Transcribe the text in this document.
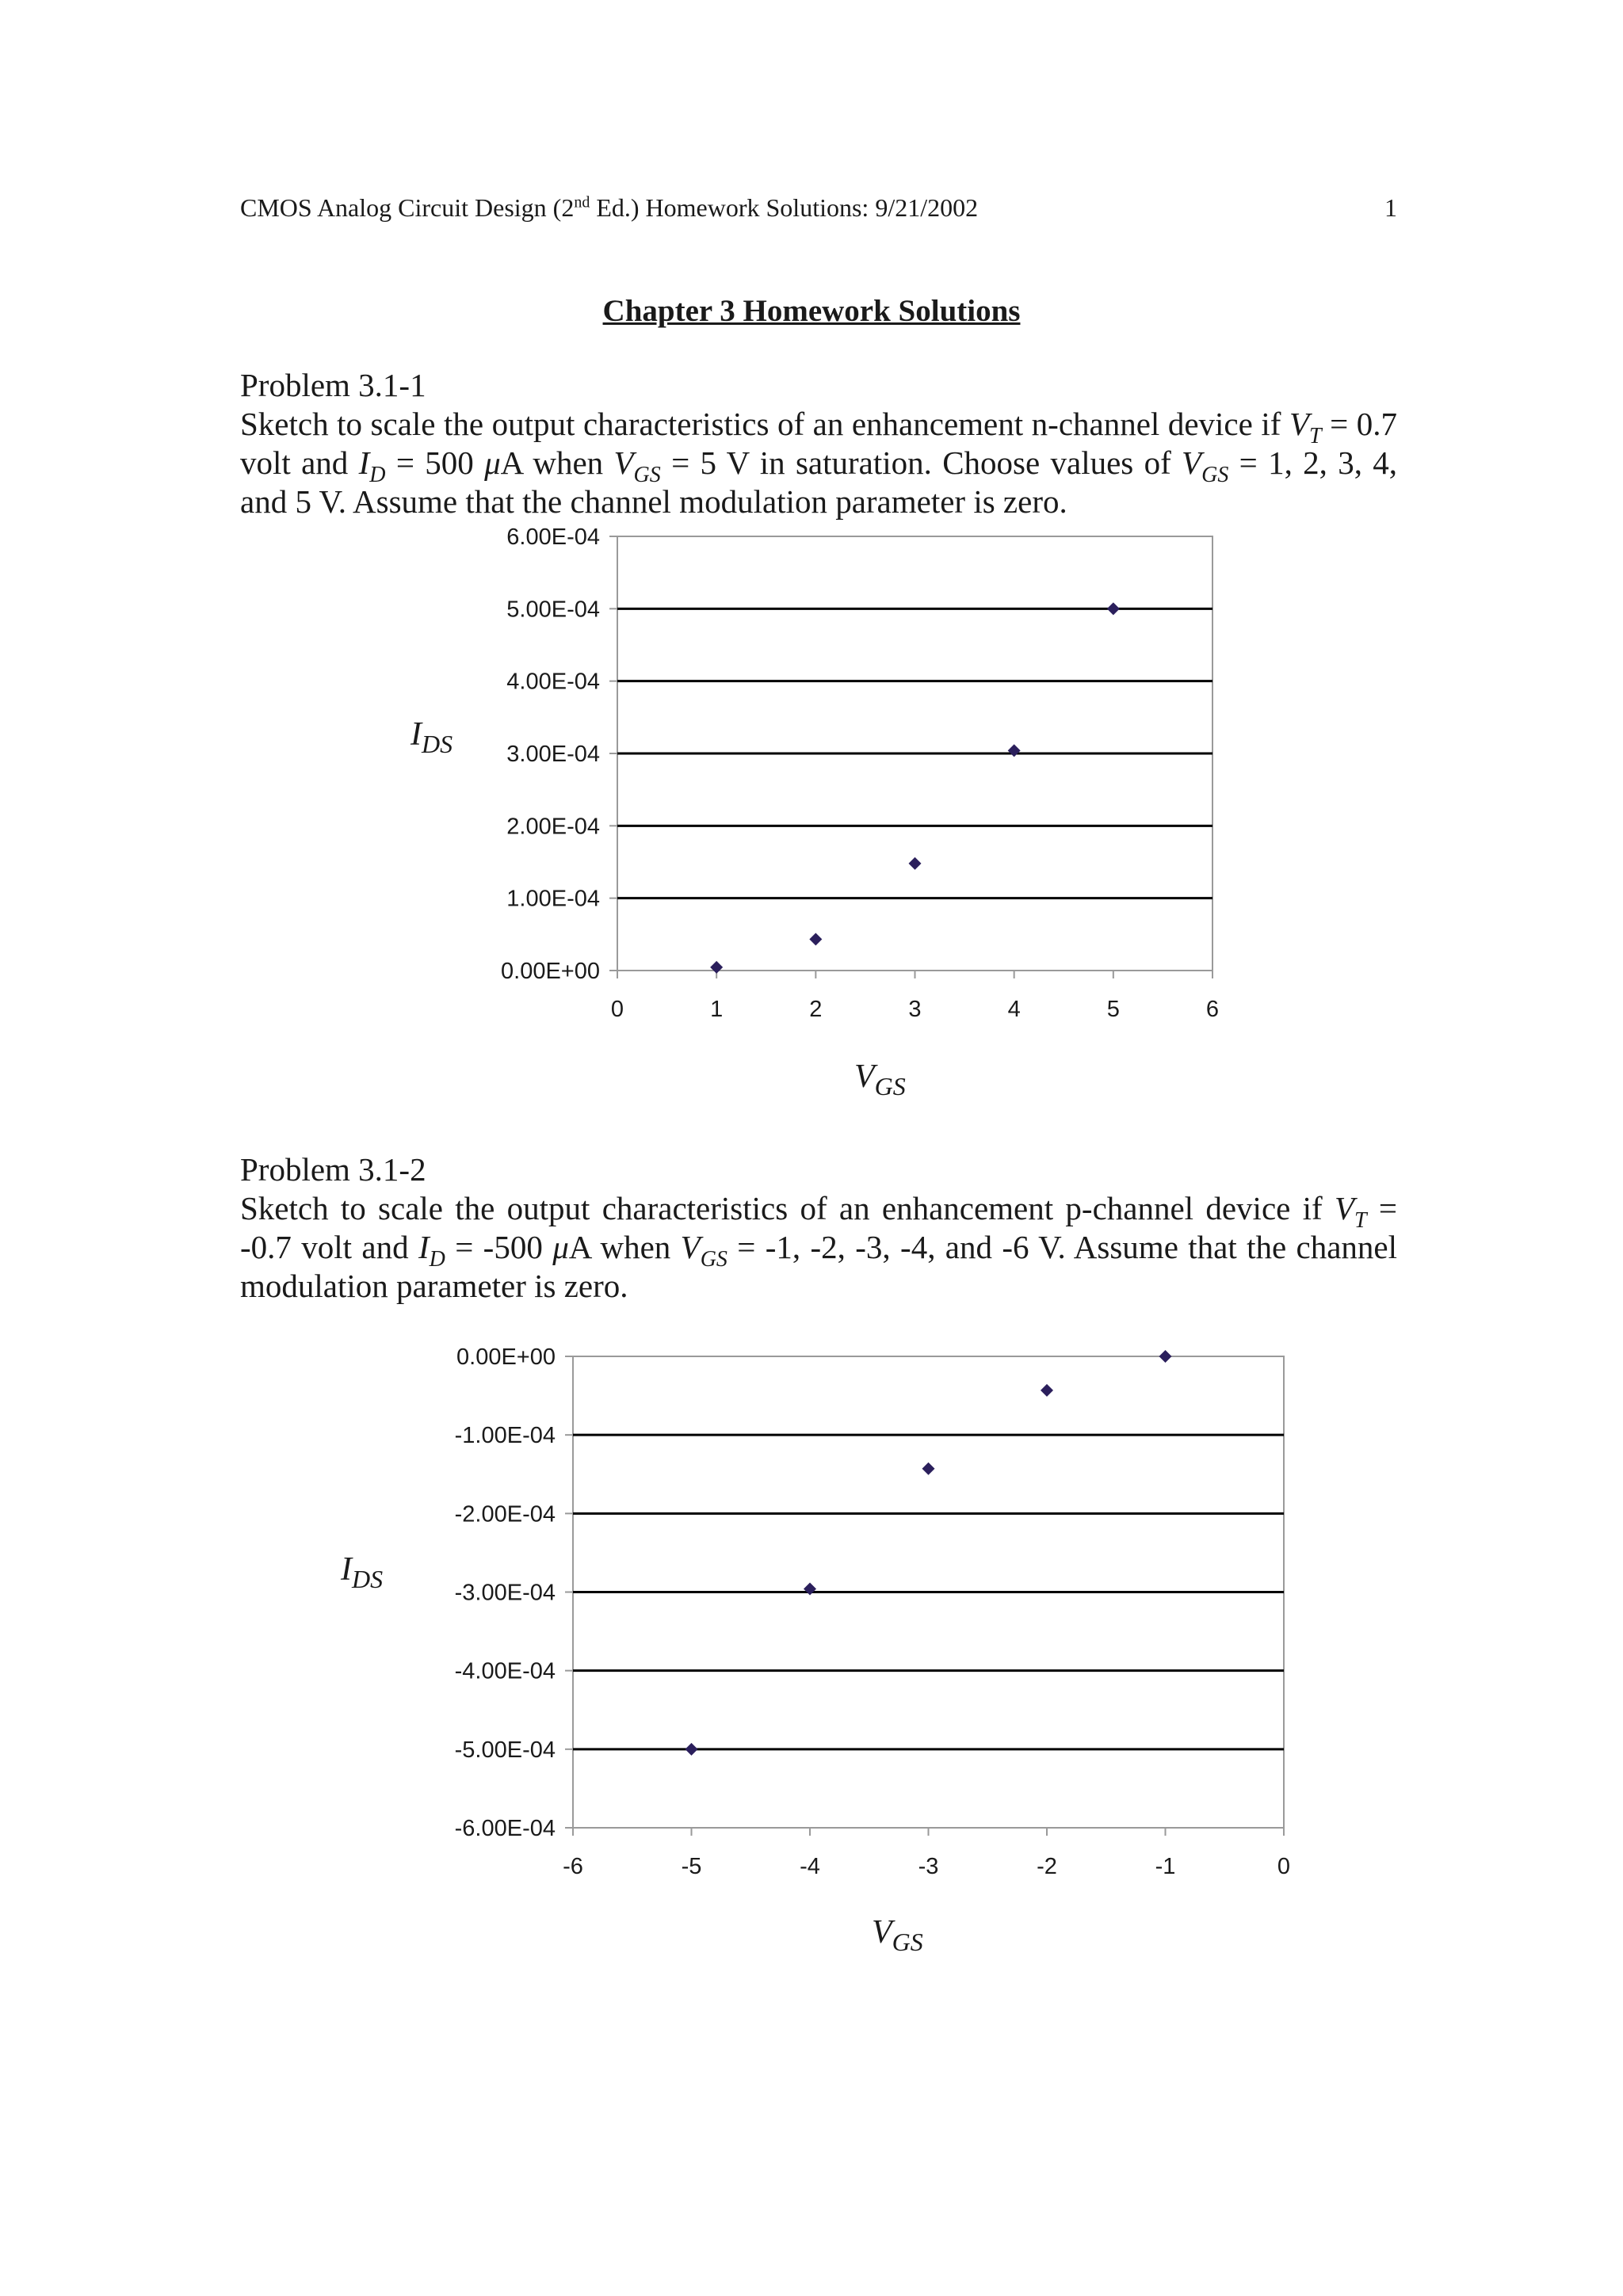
CMOS Analog Circuit Design (2nd Ed.) Homework Solutions: 9/21/2002	1
Chapter 3 Homework Solutions
Problem 3.1-1
Sketch to scale the output characteristics of an enhancement n-channel device if $V_T = 0.7$ volt and $I_D = 500$ μA when $V_{GS} = 5$ V in saturation. Choose values of $V_{GS} = 1$, 2, 3, 4, and 5 V. Assume that the channel modulation parameter is zero.
Problem 3.1-2
Sketch to scale the output characteristics of an enhancement p-channel device if $V_T = -0.7$ volt and $I_D = -500$ μA when $V_{GS} = -1$, -2, -3, -4, and -6 V. Assume that the channel modulation parameter is zero.
0.00E+00
1.00E-04
2.00E-04
3.00E-04
4.00E-04
5.00E-04
6.00E-04
0	1	2	3	4	5	6
$I_{DS}$
$V_{GS}$
-6.00E-04
-5.00E-04
-4.00E-04
-3.00E-04
-2.00E-04
-1.00E-04
0.00E+00
-6	-5	-4	-3	-2	-1	0
$I_{DS}$
$V_{GS}$
